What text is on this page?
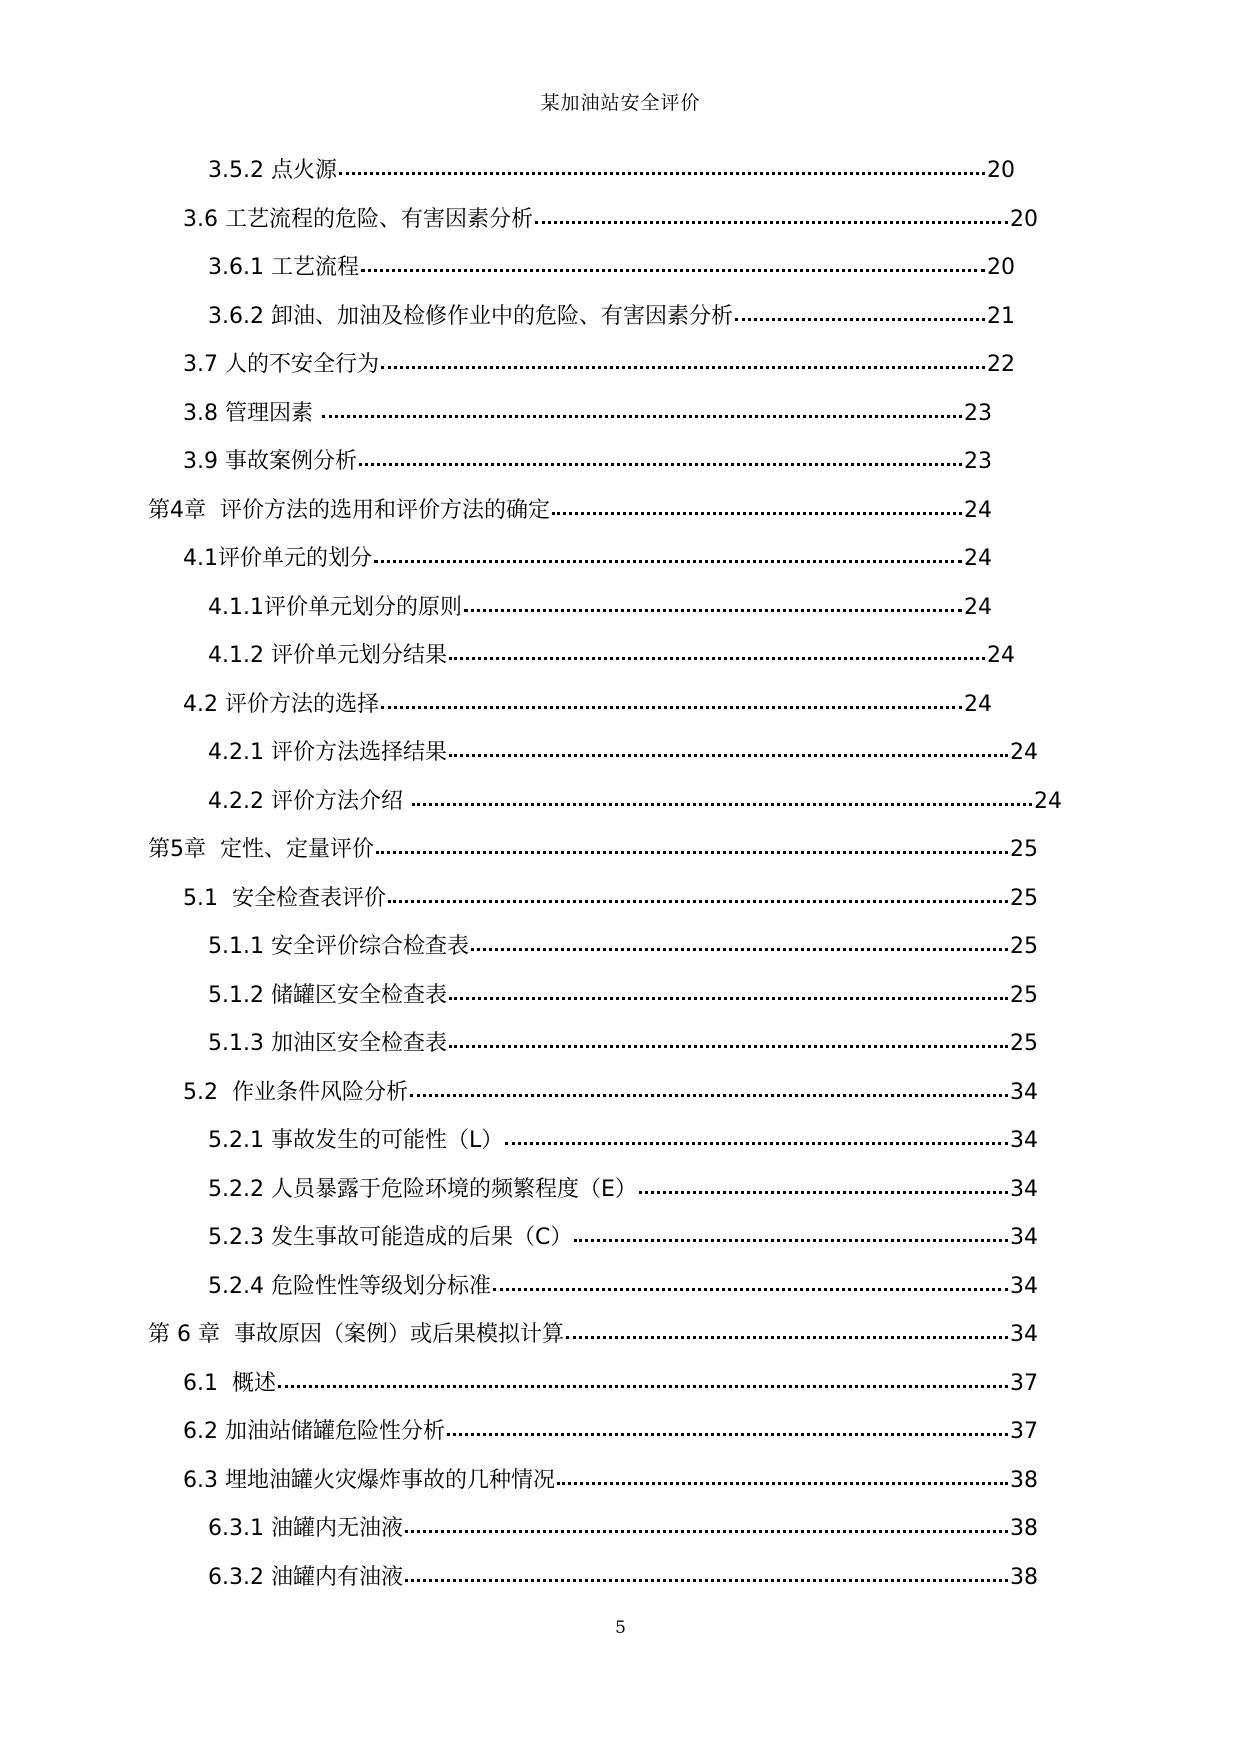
某加油站安全评价
3.5.2 点火源	20
3.6 工艺流程的危险、有害因素分析	20
3.6.1 工艺流程	20
3.6.2 卸油、加油及检修作业中的危险、有害因素分析	21
3.7 人的不安全行为	22
3.8 管理因素	23
3.9 事故案例分析	23
第4章 评价方法的选用和评价方法的确定	24
4.1 评价单元的划分	24
4.1.1 评价单元划分的原则	24
4.1.2 评价单元划分结果	24
4.2 评价方法的选择	24
4.2.1 评价方法选择结果	24
4.2.2 评价方法介绍	24
第5章 定性、定量评价	25
5.1 安全检查表评价	25
5.1.1 安全评价综合检查表	25
5.1.2 储罐区安全检查表	25
5.1.3 加油区安全检查表	25
5.2 作业条件风险分析	34
5.2.1 事故发生的可能性（L）	34
5.2.2 人员暴露于危险环境的频繁程度（E）	34
5.2.3 发生事故可能造成的后果（C）	34
5.2.4 危险性性等级划分标准	34
第 6 章 事故原因（案例）或后果模拟计算	34
6.1 概述	37
6.2 加油站储罐危险性分析	37
6.3 埋地油罐火灾爆炸事故的几种情况	38
6.3.1 油罐内无油液	38
6.3.2 油罐内有油液	38
5
